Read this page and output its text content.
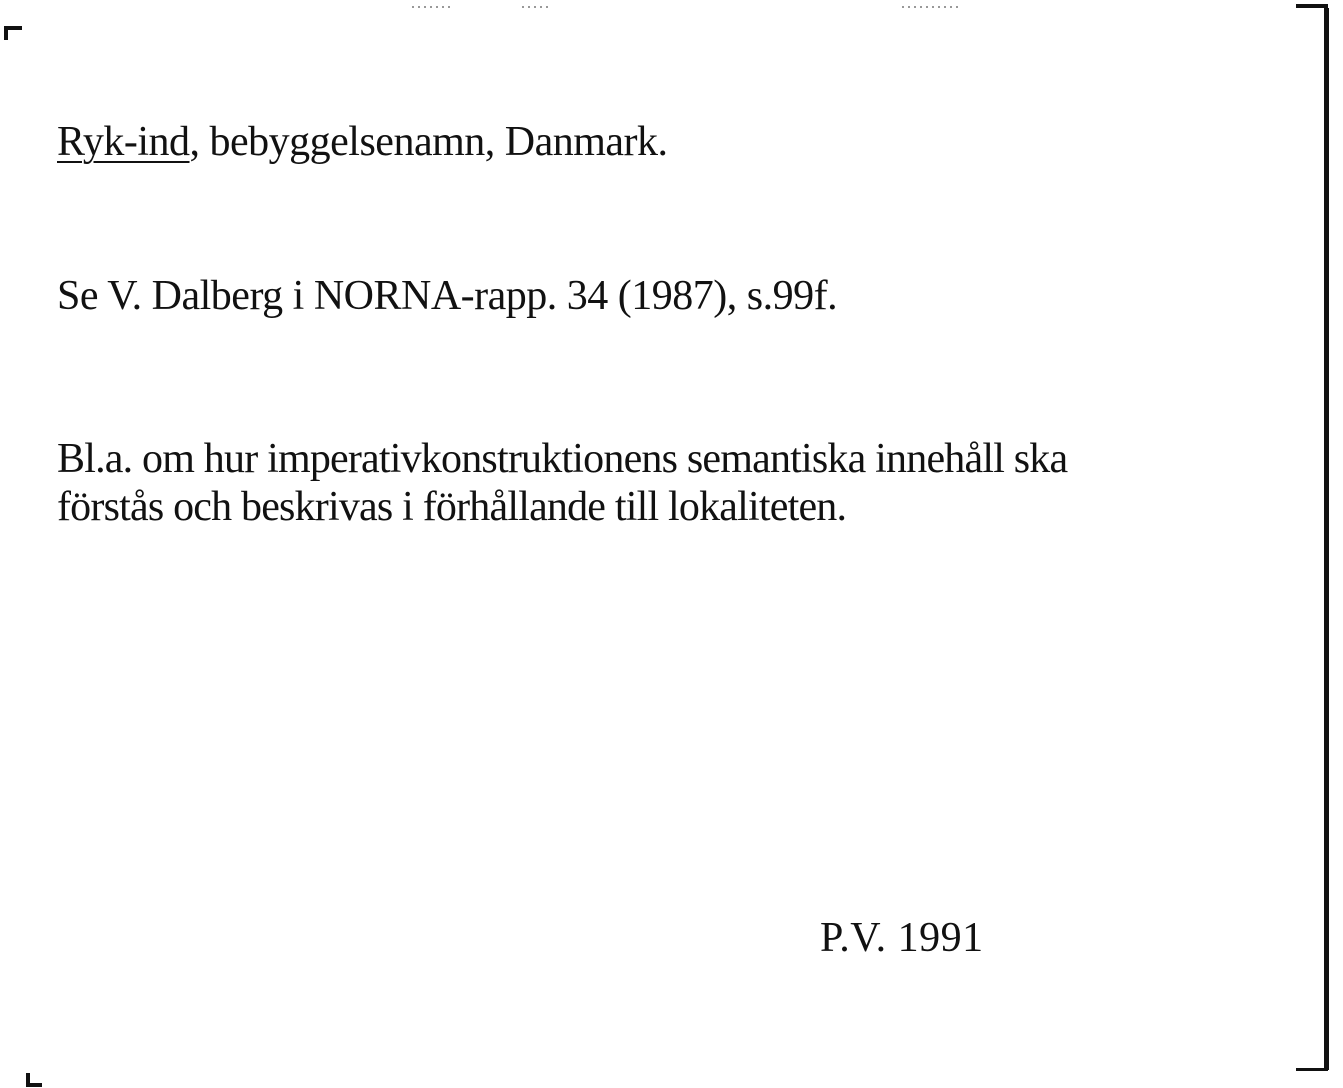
Ryk-ind, bebyggelsenamn, Danmark.

Se V. Dalberg i NORNA-rapp. 34 (1987), s.99f.

Bl.a. om hur imperativkonstruktionens semantiska innehåll ska förstås och beskrivas i förhållande till lokaliteten.

P.V. 1991
